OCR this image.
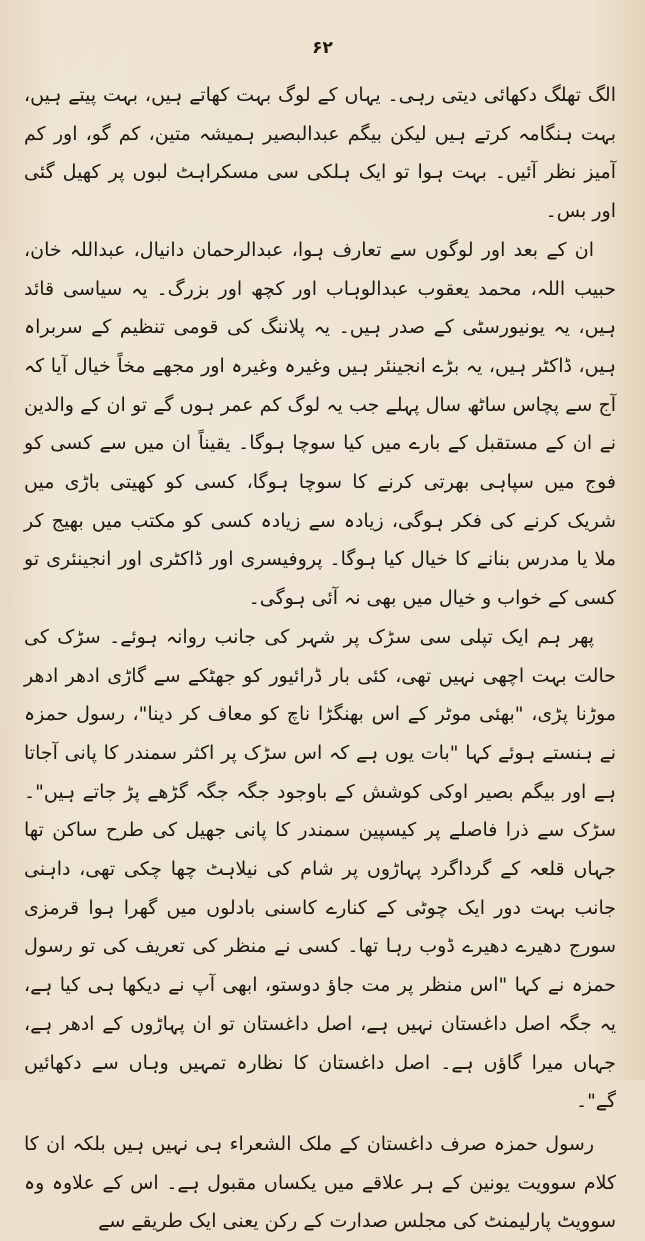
۶۲

الگ تھلگ دکھائی دیتی رہی۔ یہاں کے لوگ بہت کھاتے ہیں، بہت پیتے ہیں، بہت ہنگامہ کرتے ہیں لیکن بیگم عبدالبصیر ہمیشہ متین، کم گو، اور کم آمیز نظر آئیں۔ بہت ہوا تو ایک ہلکی سی مسکراہٹ لبوں پر کھیل گئی اور بس۔

ان کے بعد اور لوگوں سے تعارف ہوا، عبدالرحمان دانیال، عبداللہ خان، حبیب اللہ، محمد یعقوب عبدالوہاب اور کچھ اور بزرگ۔ یہ سیاسی قائد ہیں، یہ یونیورسٹی کے صدر ہیں۔ یہ پلاننگ کی قومی تنظیم کے سربراہ ہیں، ڈاکٹر ہیں، یہ بڑے انجینئر ہیں وغیرہ وغیرہ اور مجھے مخاً خیال آیا کہ آج سے پچاس ساٹھ سال پہلے جب یہ لوگ کم عمر ہوں گے تو ان کے والدین نے ان کے مستقبل کے بارے میں کیا سوچا ہوگا۔ یقیناً ان میں سے کسی کو فوج میں سپاہی بھرتی کرنے کا سوچا ہوگا، کسی کو کھیتی باڑی میں شریک کرنے کی فکر ہوگی، زیادہ سے زیادہ کسی کو مکتب میں بھیج کر ملا یا مدرس بنانے کا خیال کیا ہوگا۔ پروفیسری اور ڈاکٹری اور انجینئری تو کسی کے خواب و خیال میں بھی نہ آئی ہوگی۔

پھر ہم ایک تپلی سی سڑک پر شہر کی جانب روانہ ہوئے۔ سڑک کی حالت بہت اچھی نہیں تھی، کئی بار ڈرائیور کو جھٹکے سے گاڑی ادھر ادھر موڑنا پڑی، "بھئی موٹر کے اس بھنگڑا ناچ کو معاف کر دینا"، رسول حمزہ نے ہنستے ہوئے کہا "بات یوں ہے کہ اس سڑک پر اکثر سمندر کا پانی آجاتا ہے اور بیگم بصیر اوکی کوشش کے باوجود جگہ جگہ گڑھے پڑ جاتے ہیں"۔ سڑک سے ذرا فاصلے پر کیسپین سمندر کا پانی جھیل کی طرح ساکن تھا جہاں قلعہ کے گرداگرد پہاڑوں پر شام کی نیلاہٹ چھا چکی تھی، داہنی جانب بہت دور ایک چوٹی کے کنارے کاسنی بادلوں میں گھرا ہوا قرمزی سورج دھیرے دھیرے ڈوب رہا تھا۔ کسی نے منظر کی تعریف کی تو رسول حمزہ نے کہا "اس منظر پر مت جاؤ دوستو، ابھی آپ نے دیکھا ہی کیا ہے، یہ جگہ اصل داغستان نہیں ہے، اصل داغستان تو ان پہاڑوں کے ادھر ہے، جہاں میرا گاؤں ہے۔ اصل داغستان کا نظارہ تمہیں وہاں سے دکھائیں گے"۔

رسول حمزہ صرف داغستان کے ملک الشعراء ہی نہیں ہیں بلکہ ان کا کلام سوویت یونین کے ہر علاقے میں یکساں مقبول ہے۔ اس کے علاوہ وہ سوویٹ پارلیمنٹ کی مجلس صدارت کے رکن یعنی ایک طریقے سے
